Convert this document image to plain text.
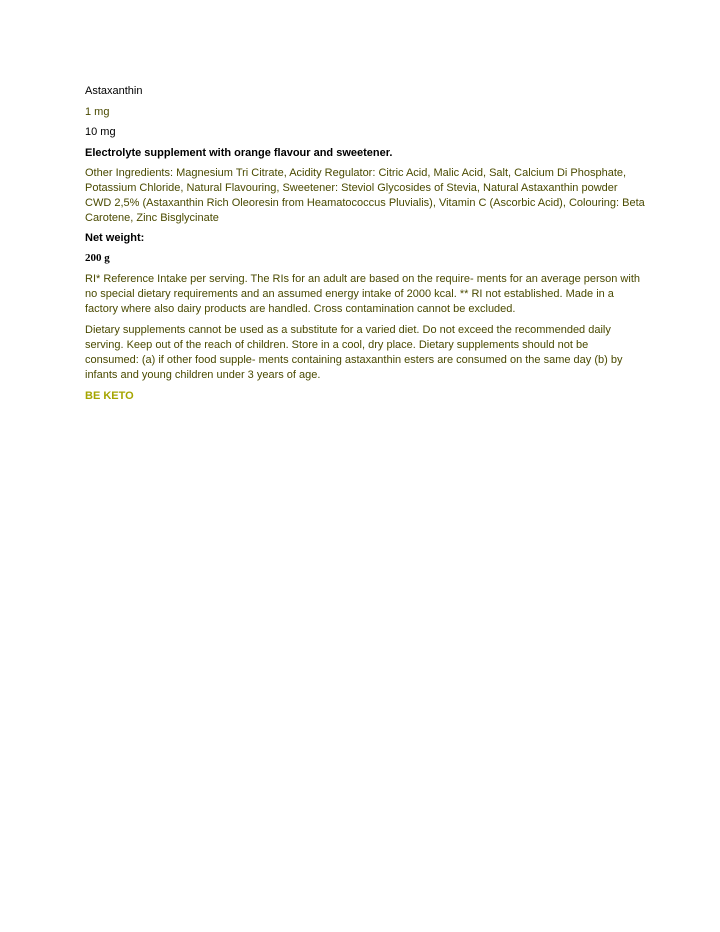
Astaxanthin

1 mg

10 mg

Electrolyte supplement with orange flavour and sweetener.

Other Ingredients: Magnesium Tri Citrate, Acidity Regulator: Citric Acid, Malic Acid, Salt, Calcium Di Phosphate, Potassium Chloride, Natural Flavouring, Sweetener: Steviol Glycosides of Stevia, Natural Astaxanthin powder CWD 2,5% (Astaxanthin Rich Oleoresin from Heamatococcus Pluvialis), Vitamin C (Ascorbic Acid), Colouring: Beta Carotene, Zinc Bisglycinate

Net weight:

200 g

RI* Reference Intake per serving. The RIs for an adult are based on the require- ments for an average person with no special dietary requirements and an assumed energy intake of 2000 kcal. ** RI not established. Made in a factory where also dairy products are handled. Cross contamination cannot be excluded.

Dietary supplements cannot be used as a substitute for a varied diet. Do not exceed the recommended daily serving. Keep out of the reach of children. Store in a cool, dry place. Dietary supplements should not be consumed: (a) if other food supple- ments containing astaxanthin esters are consumed on the same day (b) by infants and young children under 3 years of age.

BE KETO
